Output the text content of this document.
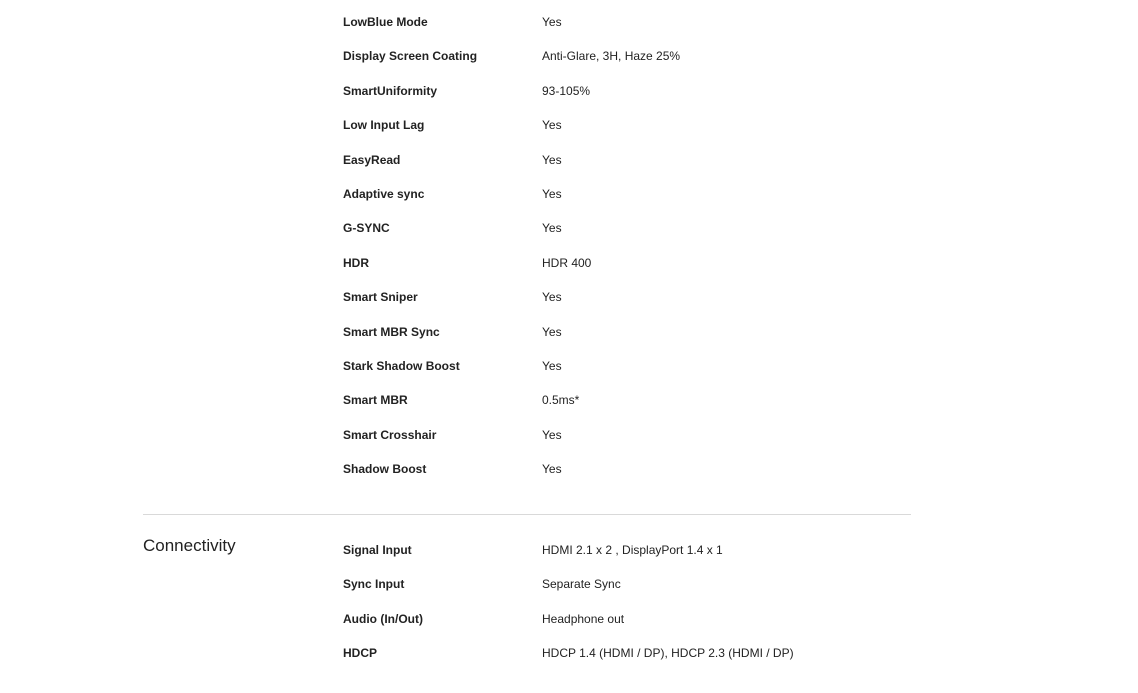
LowBlue Mode	Yes
Display Screen Coating	Anti-Glare, 3H, Haze 25%
SmartUniformity	93-105%
Low Input Lag	Yes
EasyRead	Yes
Adaptive sync	Yes
G-SYNC	Yes
HDR	HDR 400
Smart Sniper	Yes
Smart MBR Sync	Yes
Stark Shadow Boost	Yes
Smart MBR	0.5ms*
Smart Crosshair	Yes
Shadow Boost	Yes
Connectivity	Signal Input	HDMI 2.1 x 2 , DisplayPort 1.4 x 1
Sync Input	Separate Sync
Audio (In/Out)	Headphone out
HDCP	HDCP 1.4 (HDMI / DP), HDCP 2.3 (HDMI / DP)
